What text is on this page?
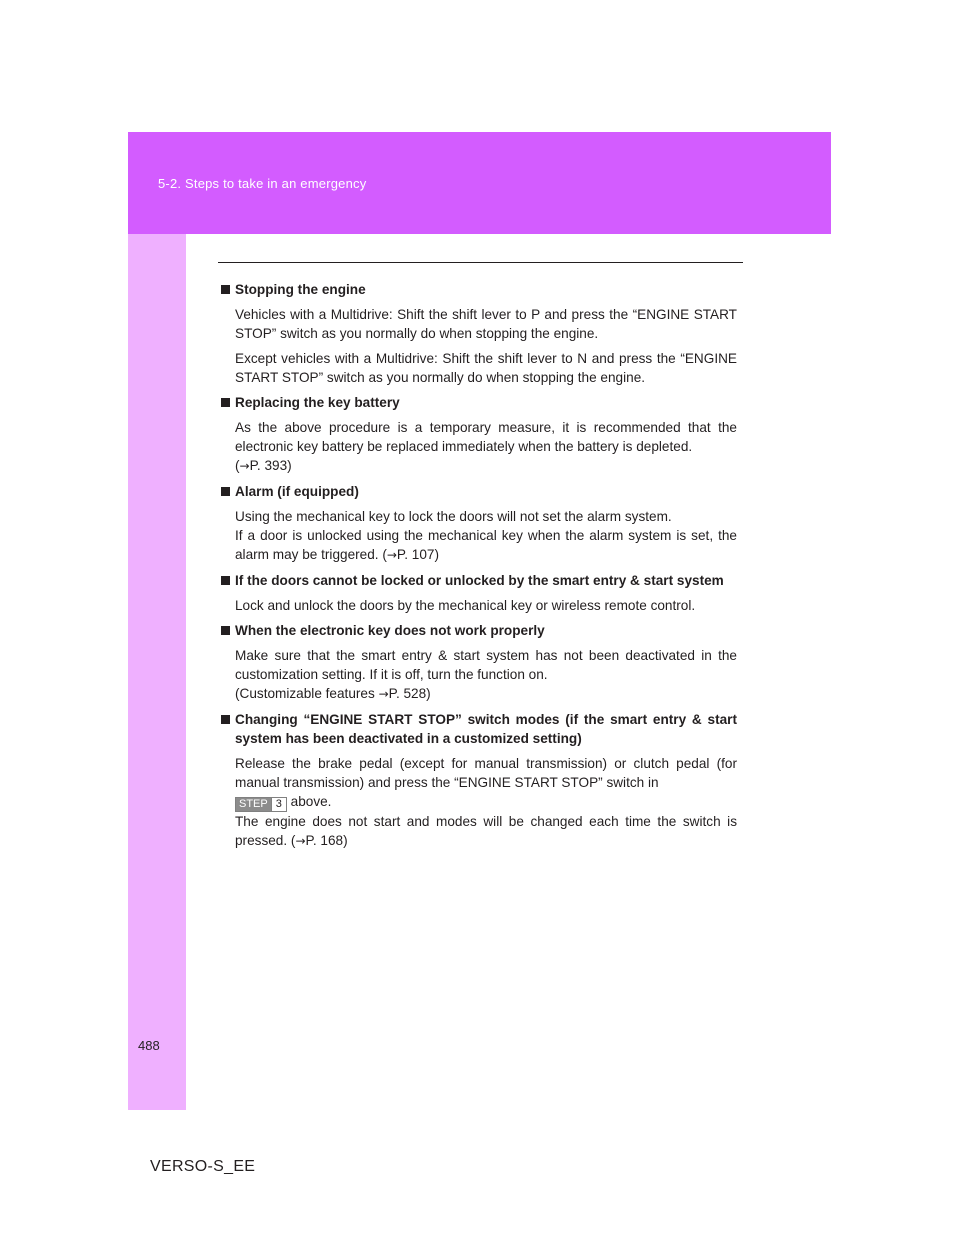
5-2. Steps to take in an emergency

Stopping the engine

Vehicles with a Multidrive: Shift the shift lever to P and press the “ENGINE START STOP” switch as you normally do when stopping the engine.

Except vehicles with a Multidrive: Shift the shift lever to N and press the “ENGINE START STOP” switch as you normally do when stopping the engine.

Replacing the key battery

As the above procedure is a temporary measure, it is recommended that the electronic key battery be replaced immediately when the battery is depleted.
(→P. 393)

Alarm (if equipped)

Using the mechanical key to lock the doors will not set the alarm system.
If a door is unlocked using the mechanical key when the alarm system is set, the alarm may be triggered. (→P. 107)

If the doors cannot be locked or unlocked by the smart entry & start system

Lock and unlock the doors by the mechanical key or wireless remote control.

When the electronic key does not work properly

Make sure that the smart entry & start system has not been deactivated in the customization setting. If it is off, turn the function on.
(Customizable features →P. 528)

Changing “ENGINE START STOP” switch modes (if the smart entry & start system has been deactivated in a customized setting)

Release the brake pedal (except for manual transmission) or clutch pedal (for manual transmission) and press the “ENGINE START STOP” switch in
STEP 3 above.
The engine does not start and modes will be changed each time the switch is pressed. (→P. 168)

488
VERSO-S_EE
